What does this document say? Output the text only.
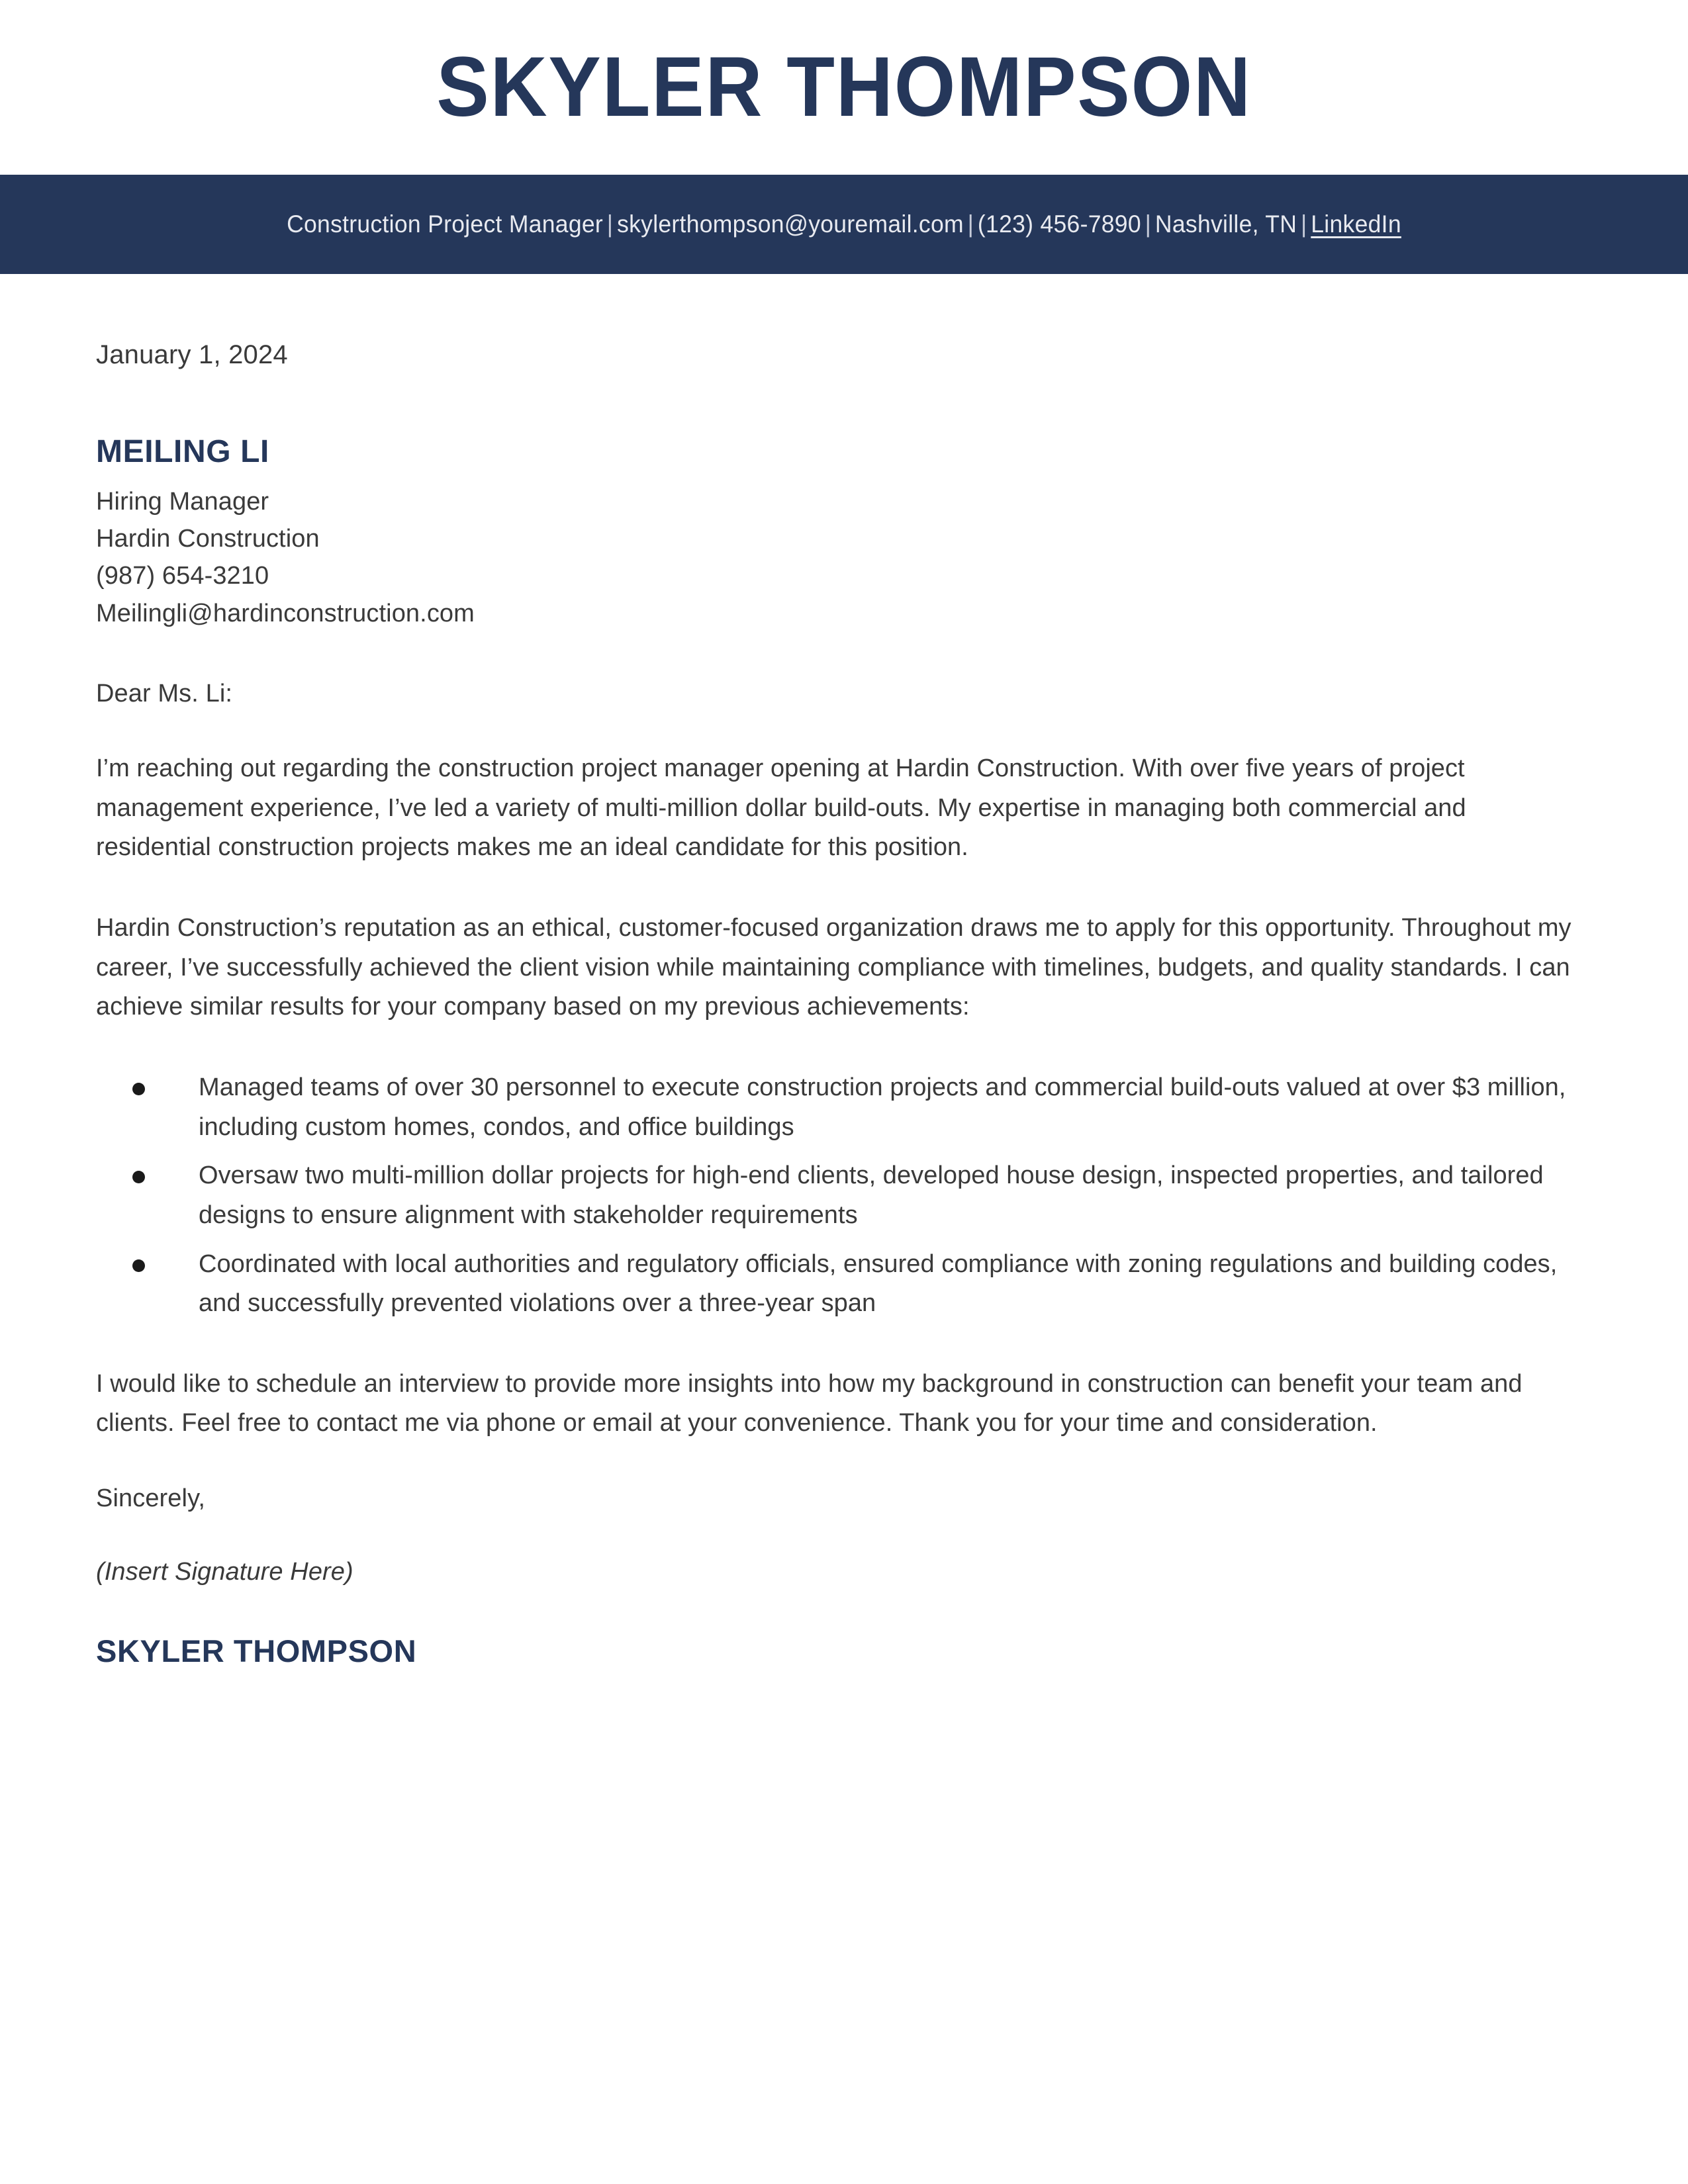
SKYLER THOMPSON
Construction Project Manager | skylerthompson@youremail.com | (123) 456-7890 | Nashville, TN | LinkedIn
January 1, 2024
MEILING LI
Hiring Manager
Hardin Construction
(987) 654-3210
Meilingli@hardinconstruction.com
Dear Ms. Li:

I’m reaching out regarding the construction project manager opening at Hardin Construction. With over five years of project management experience, I’ve led a variety of multi-million dollar build-outs. My expertise in managing both commercial and residential construction projects makes me an ideal candidate for this position.

Hardin Construction’s reputation as an ethical, customer-focused organization draws me to apply for this opportunity. Throughout my career, I’ve successfully achieved the client vision while maintaining compliance with timelines, budgets, and quality standards. I can achieve similar results for your company based on my previous achievements:

Managed teams of over 30 personnel to execute construction projects and commercial build-outs valued at over $3 million, including custom homes, condos, and office buildings
Oversaw two multi-million dollar projects for high-end clients, developed house design, inspected properties, and tailored designs to ensure alignment with stakeholder requirements
Coordinated with local authorities and regulatory officials, ensured compliance with zoning regulations and building codes, and successfully prevented violations over a three-year span

I would like to schedule an interview to provide more insights into how my background in construction can benefit your team and clients. Feel free to contact me via phone or email at your convenience. Thank you for your time and consideration.

Sincerely,
(Insert Signature Here)
SKYLER THOMPSON
